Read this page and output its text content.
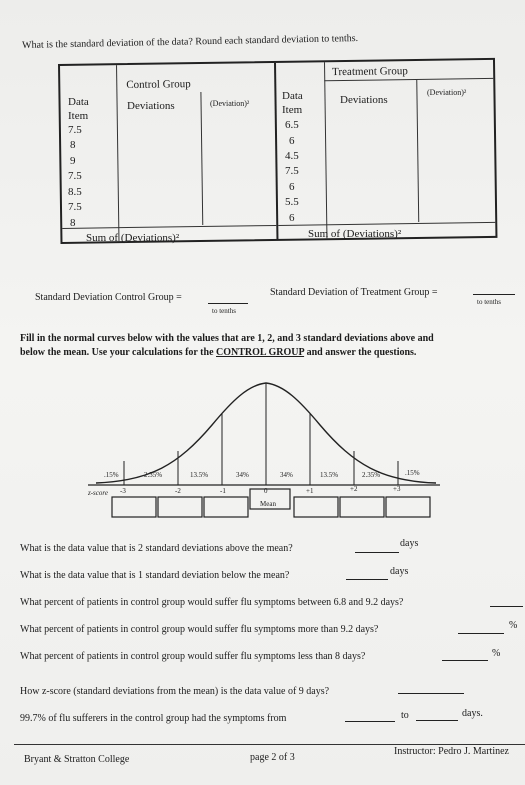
What is the standard deviation of the data? Round each standard deviation to tenths.
Control Group
Treatment Group
Data
Item
Deviations	(Deviation)²
7.5
8
9
7.5
8.5
7.5
8
Data
Item
Deviations
(Deviation)²
6.5
6
4.5
7.5
6
5.5
6
Sum of (Deviations)²	Sum of (Deviations)²
Standard Deviation Control Group =
to tenths
Standard Deviation of Treatment Group =
to tenths
Fill in the normal curves below with the values that are 1, 2, and 3 standard deviations above and
below the mean. Use your calculations for the CONTROL GROUP and answer the questions.
.15%	2.35%	13.5%	34%	34%	13.5%	2.35%	.15%
z-score -3	-2	-1	0	+1	+2	+3
Mean
What is the data value that is 2 standard deviations above the mean?	days
What is the data value that is 1 standard deviation below the mean?	days
What percent of patients in control group would suffer flu symptoms between 6.8 and 9.2 days?
What percent of patients in control group would suffer flu symptoms more than 9.2 days?	%
What percent of patients in control group would suffer flu symptoms less than 8 days?	%
How z-score (standard deviations from the mean) is the data value of 9 days?
99.7% of flu sufferers in the control group had the symptoms from	to	days.
Bryant & Stratton College	page 2 of 3
Instructor: Pedro J. Martinez
